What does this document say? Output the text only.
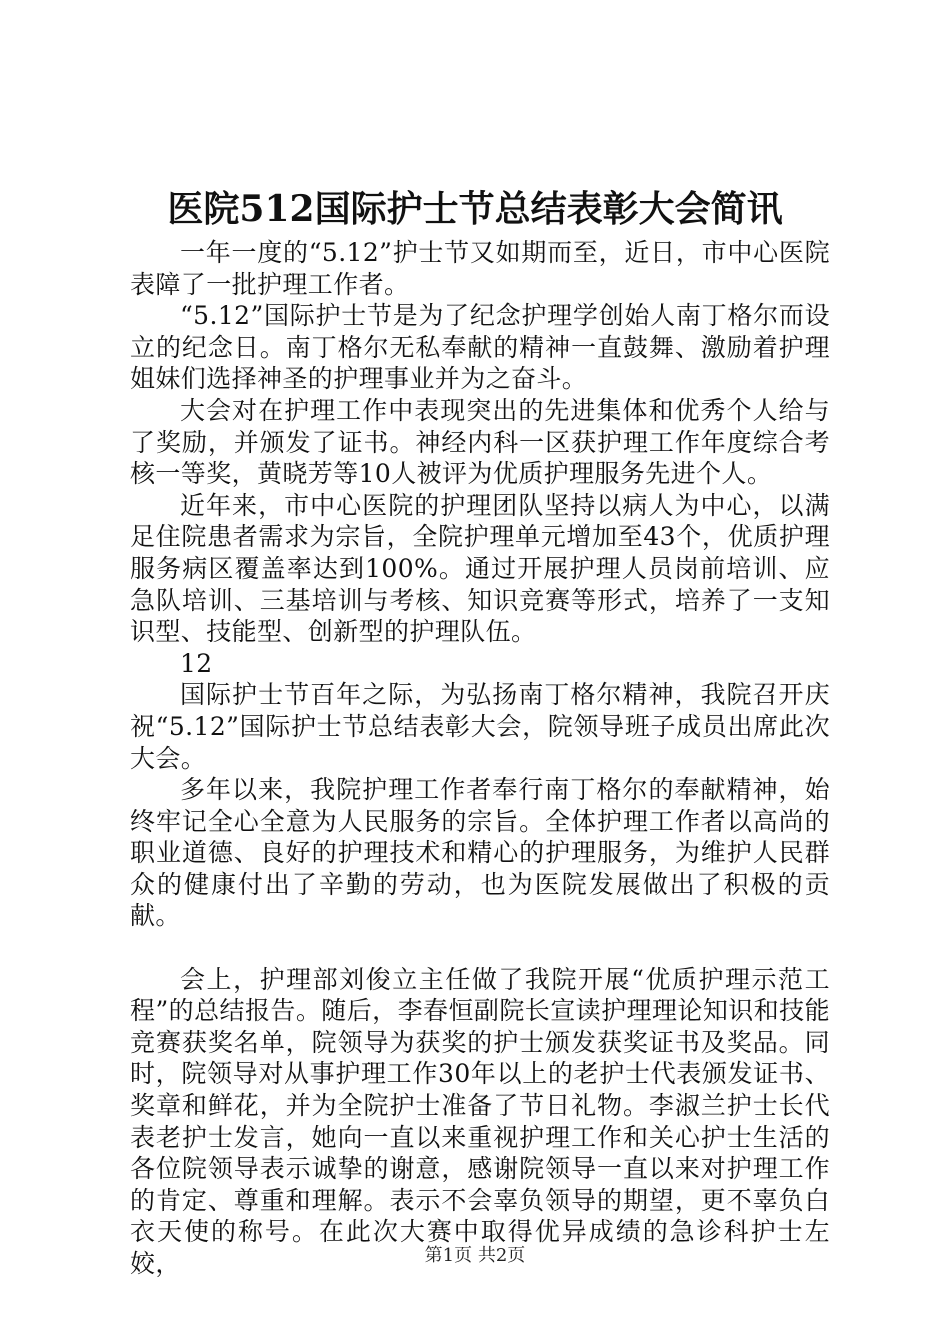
医院512国际护士节总结表彰大会简讯

一年一度的“5.12”护士节又如期而至，近日，市中心医院表障了一批护理工作者。

“5.12”国际护士节是为了纪念护理学创始人南丁格尔而设立的纪念日。南丁格尔无私奉献的精神一直鼓舞、激励着护理姐妹们选择神圣的护理事业并为之奋斗。

大会对在护理工作中表现突出的先进集体和优秀个人给与了奖励，并颁发了证书。神经内科一区获护理工作年度综合考核一等奖，黄晓芳等10人被评为优质护理服务先进个人。

近年来，市中心医院的护理团队坚持以病人为中心，以满足住院患者需求为宗旨，全院护理单元增加至43个，优质护理服务病区覆盖率达到100%。通过开展护理人员岗前培训、应急队培训、三基培训与考核、知识竞赛等形式，培养了一支知识型、技能型、创新型的护理队伍。

12

国际护士节百年之际，为弘扬南丁格尔精神，我院召开庆祝“5.12”国际护士节总结表彰大会，院领导班子成员出席此次大会。

多年以来，我院护理工作者奉行南丁格尔的奉献精神，始终牢记全心全意为人民服务的宗旨。全体护理工作者以高尚的职业道德、良好的护理技术和精心的护理服务，为维护人民群众的健康付出了辛勤的劳动，也为医院发展做出了积极的贡献。

会上，护理部刘俊立主任做了我院开展“优质护理示范工程”的总结报告。随后，李春恒副院长宣读护理理论知识和技能竞赛获奖名单，院领导为获奖的护士颁发获奖证书及奖品。同时，院领导对从事护理工作30年以上的老护士代表颁发证书、奖章和鲜花，并为全院护士准备了节日礼物。李淑兰护士长代表老护士发言，她向一直以来重视护理工作和关心护士生活的各位院领导表示诚挚的谢意，感谢院领导一直以来对护理工作的肯定、尊重和理解。表示不会辜负领导的期望，更不辜负白衣天使的称号。在此次大赛中取得优异成绩的急诊科护士左姣，	第1页 共2页
